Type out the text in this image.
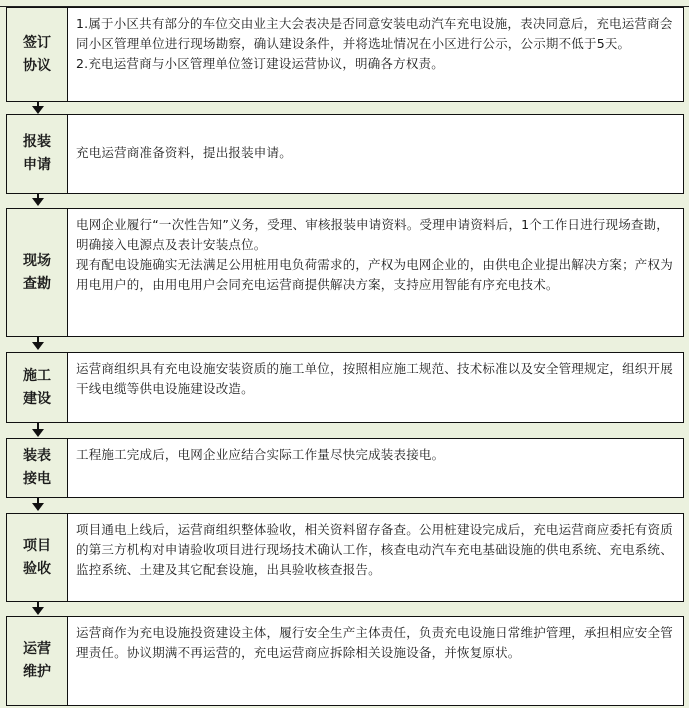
签订
协议

1.属于小区共有部分的车位交由业主大会表决是否同意安装电动汽车充电设施，表决同意后，充电运营商会同小区管理单位进行现场勘察，确认建设条件，并将选址情况在小区进行公示，公示期不低于5天。

2.充电运营商与小区管理单位签订建设运营协议，明确各方权责。

报装
申请

充电运营商准备资料，提出报装申请。

现场
查勘

电网企业履行“一次性告知”义务，受理、审核报装申请资料。受理申请资料后，1个工作日进行现场查勘，明确接入电源点及表计安装点位。

现有配电设施确实无法满足公用桩用电负荷需求的，产权为电网企业的，由供电企业提出解决方案；产权为用电用户的，由用电用户会同充电运营商提供解决方案，支持应用智能有序充电技术。

施工
建设

运营商组织具有充电设施安装资质的施工单位，按照相应施工规范、技术标准以及安全管理规定，组织开展干线电缆等供电设施建设改造。

装表
接电

工程施工完成后，电网企业应结合实际工作量尽快完成装表接电。

项目
验收

项目通电上线后，运营商组织整体验收，相关资料留存备查。公用桩建设完成后，充电运营商应委托有资质的第三方机构对申请验收项目进行现场技术确认工作，核查电动汽车充电基础设施的供电系统、充电系统、监控系统、土建及其它配套设施，出具验收核查报告。

运营
维护

运营商作为充电设施投资建设主体，履行安全生产主体责任，负责充电设施日常维护管理，承担相应安全管理责任。协议期满不再运营的，充电运营商应拆除相关设施设备，并恢复原状。
